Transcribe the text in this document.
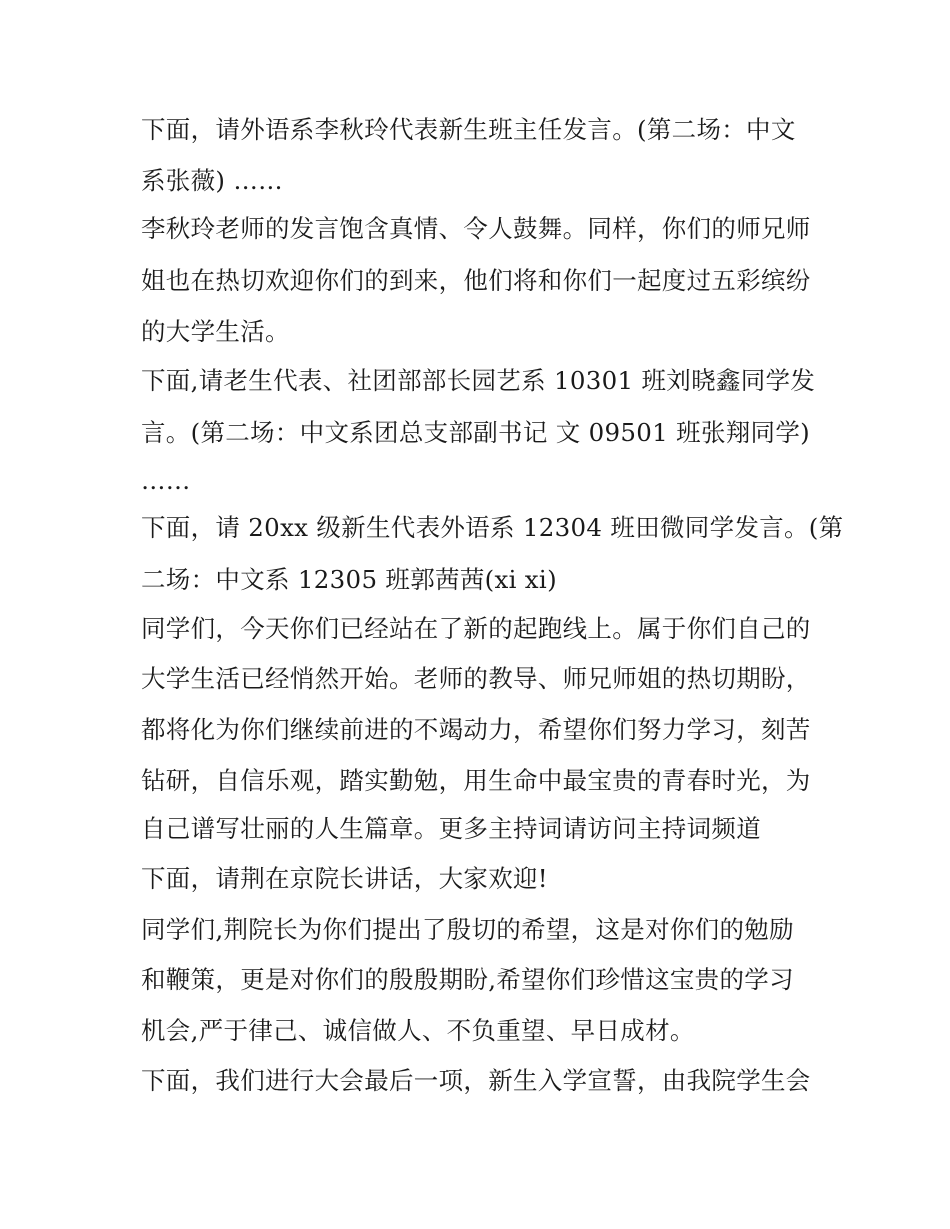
下面，请外语系李秋玲代表新生班主任发言。(第二场：中文
系张薇) ……
李秋玲老师的发言饱含真情、令人鼓舞。同样，你们的师兄师
姐也在热切欢迎你们的到来，他们将和你们一起度过五彩缤纷
的大学生活。
下面,请老生代表、社团部部长园艺系 10301 班刘晓鑫同学发
言。(第二场：中文系团总支部副书记 文 09501 班张翔同学)
……
下面，请 20xx 级新生代表外语系 12304 班田微同学发言。(第
二场：中文系 12305 班郭茜茜(xi xi)
同学们，今天你们已经站在了新的起跑线上。属于你们自己的
大学生活已经悄然开始。老师的教导、师兄师姐的热切期盼，
都将化为你们继续前进的不竭动力，希望你们努力学习，刻苦
钻研，自信乐观，踏实勤勉，用生命中最宝贵的青春时光，为
自己谱写壮丽的人生篇章。更多主持词请访问主持词频道
下面，请荆在京院长讲话，大家欢迎!
同学们,荆院长为你们提出了殷切的希望，这是对你们的勉励
和鞭策，更是对你们的殷殷期盼,希望你们珍惜这宝贵的学习
机会,严于律己、诚信做人、不负重望、早日成材。
下面，我们进行大会最后一项，新生入学宣誓，由我院学生会
